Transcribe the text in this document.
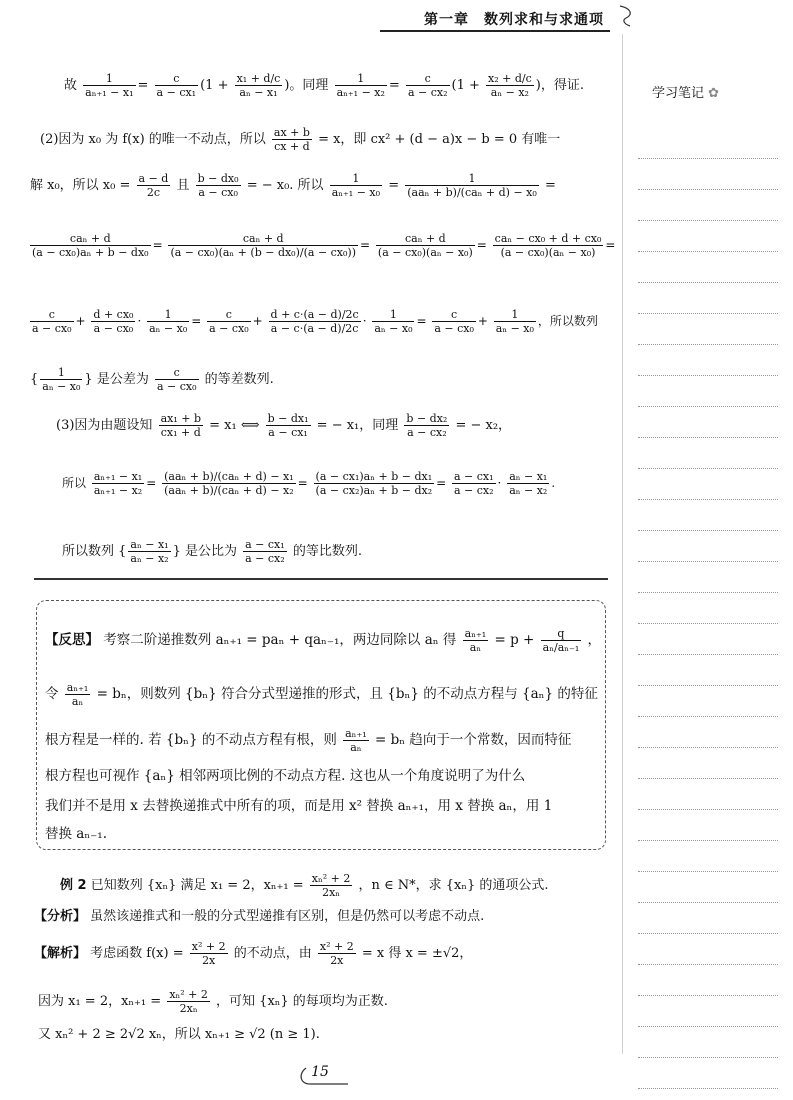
第一章　数列求和与求通项
学习笔记 ✿
故 $\frac{1}{\text{aₙ₊₁ − x₁}} = \frac{c}{\text{a − cx₁}} (1 + \frac{\text{x₁ + d/c}}{\text{aₙ − x₁}}$ )。同理 $\frac{1}{\text{aₙ₊₁ − x₂}} = \frac{c}{\text{a − cx₂}} (1 + \frac{\text{x₂ + d/c}}{\text{aₙ − x₂}}$ )，得证.
(2)因为 x₀ 为 f(x) 的唯一不动点，所以 $\frac{ax + b}{cx + d} = x$，即 cx² + (d − a)x − b = 0 有唯一
解 x₀，所以 $x_0 = \frac{a - d}{2c}$ 且 $\frac{\text{b − dx₀}}{\text{a − cx₀}}$ = − x₀. 所以 $\frac{1}{\text{aₙ₊₁ − x₀}}$ =	1
(aaₙ + b)/(caₙ + d) − x₀ =
caₙ + d
(a − cx₀)aₙ + b − dx₀
=	caₙ + d
(a − cx₀)(aₙ + (b − dx₀)/(a − cx₀))
=	caₙ + d
(a − cx₀)(aₙ − x₀)
= caₙ − cx₀ + d + cx₀
(a − cx₀)(aₙ − x₀)
=
$\frac{c}{\text{a − cx₀}} + \frac{\text{d + cx₀}}{\text{a − cx₀}} \cdot \frac{1}{\text{aₙ − x₀}} = \frac{c}{\text{a − cx₀}} + \frac{d + c\cdot(a - d)/2c}{a - c\cdot(a - d)/2c} \cdot \frac{1}{\text{aₙ − x₀}} = \frac{c}{\text{a − cx₀}} + \frac{1}{\text{aₙ − x₀}}$ ，所以数列
{ $\frac{1}{\text{aₙ − x₀}}$ } 是公差为 $\frac{c}{\text{a − cx₀}}$ 的等差数列.
(3)因为由题设知 $\frac{\text{ax₁ + b}}{\text{cx₁ + d}} = x_1$ ⟺ $\frac{\text{b − dx₁}}{\text{a − cx₁}}$ = − x₁，同理 $\frac{\text{b − dx₂}}{\text{a − cx₂}}$ = − x₂，
所以 $\frac{\text{aₙ₊₁ − x₁}}{\text{aₙ₊₁ − x₂}} = (aa_n + b)/(ca_n + d) - x_1$
(aaₙ + b)/(caₙ + d) − x₂
= $\frac{\text{(a − cx₁)aₙ + b − dx₁}}{\text{(a − cx₂)aₙ + b − dx₂}} = \frac{\text{a − cx₁}}{\text{a − cx₂}} \cdot \frac{\text{aₙ − x₁}}{\text{aₙ − x₂}}$ .
所以数列 { $\frac{\text{aₙ − x₁}}{\text{aₙ − x₂}}$ } 是公比为 $\frac{\text{a − cx₁}}{\text{a − cx₂}}$ 的等比数列.
【反思】 考察二阶递推数列 aₙ₊₁ = paₙ + qaₙ₋₁，两边同除以 aₙ 得 $\frac{\text{aₙ₊₁}}{\text{aₙ}} = p + \frac{q}{\text{aₙ/aₙ₋₁}}$ ，
令 $\frac{\text{aₙ₊₁}}{\text{aₙ}} = b_n$，则数列 {bₙ} 符合分式型递推的形式，且 {bₙ} 的不动点方程与 {aₙ} 的特征
根方程是一样的. 若 {bₙ} 的不动点方程有根，则 $\frac{\text{aₙ₊₁}}{\text{aₙ}} = b_n$ 趋向于一个常数，因而特征
根方程也可视作 {aₙ} 相邻两项比例的不动点方程. 这也从一个角度说明了为什么
我们并不是用 x 去替换递推式中所有的项，而是用 x² 替换 aₙ₊₁，用 x 替换 aₙ，用 1
替换 aₙ₋₁.
例 2 已知数列 {xₙ} 满足 x₁ = 2，$x_{n+1} = \frac{\text{xₙ² + 2}}{\text{2xₙ}}$ ，n ∈ N*，求 {xₙ} 的通项公式.
【分析】 虽然该递推式和一般的分式型递推有区别，但是仍然可以考虑不动点.
【解析】 考虑函数 $f(x) = \frac{\text{x² + 2}}{2x}$ 的不动点，由 $\frac{\text{x² + 2}}{2x} = x$ 得 x = ±√2，
因为 x₁ = 2，$x_{n+1} = \frac{\text{xₙ² + 2}}{\text{2xₙ}}$ ，可知 {xₙ} 的每项均为正数.
又 xₙ² + 2 ≥ 2√2 xₙ，所以 xₙ₊₁ ≥ √2 (n ≥ 1).
15
